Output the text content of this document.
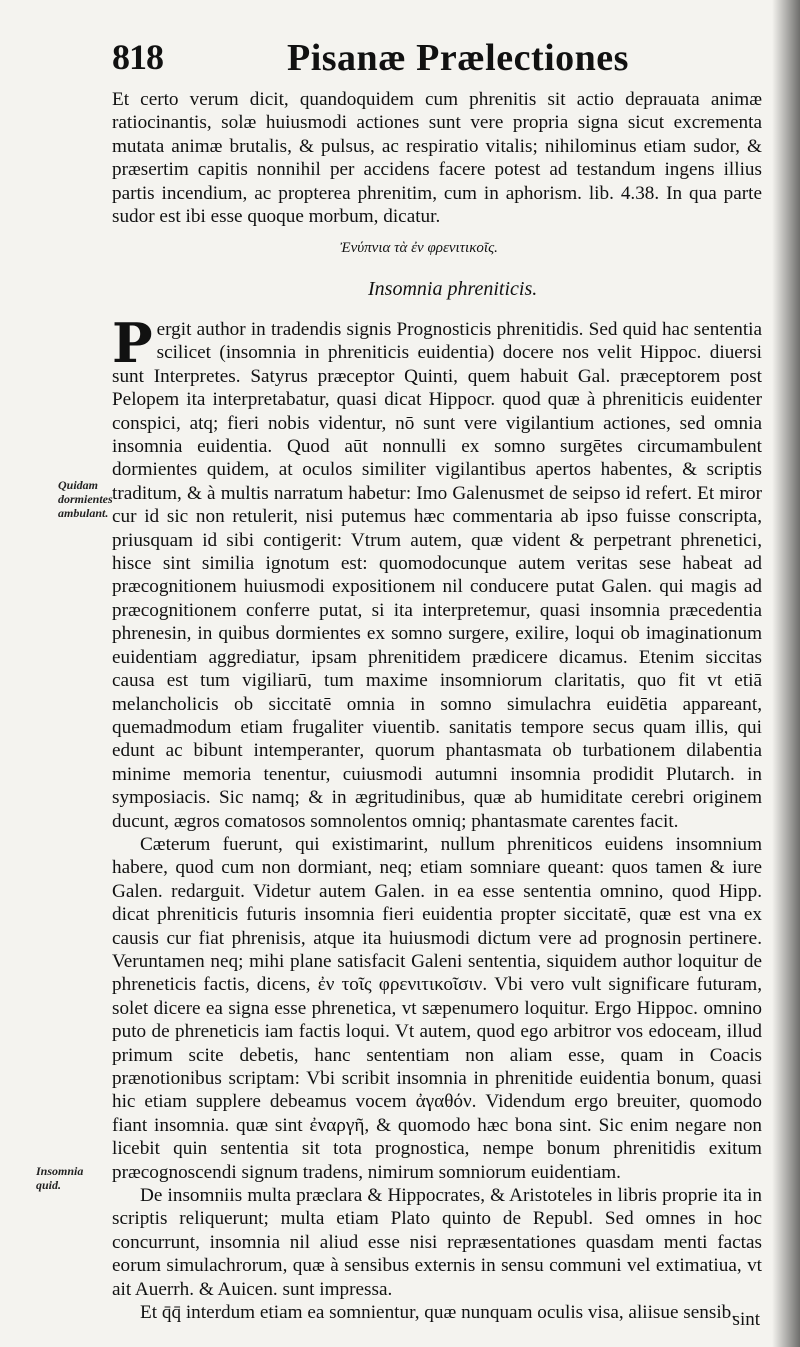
818	Pisanæ Prælectiones

Et certo verum dicit, quandoquidem cum phrenitis sit actio deprauata animæ ratiocinantis, solæ huiusmodi actiones sunt vere propria signa sicut excrementa mutata animæ brutalis, & pulsus, ac respiratio vitalis; nihilominus etiam sudor, & præsertim capitis nonnihil per accidens facere potest ad testandum ingens illius partis incendium, ac propterea phrenitim, cum in aphorism. lib. 4.38. In qua parte sudor est ibi esse quoque morbum, dicatur.

Ἐνύπνια τὰ ἐν φρενιτικοῖς.
Insomnia phreniticis.

Pergit author in tradendis signis Prognosticis phrenitidis. Sed quid hac sententia scilicet (insomnia in phreniticis euidentia) docere nos velit Hippoc. diuersi sunt Interpretes. Satyrus præceptor Quinti, quem habuit Gal. præceptorem post Pelopem ita interpretabatur, quasi dicat Hippocr. quod quæ à phreniticis euidenter conspici, atq; fieri nobis videntur, nō sunt vere vigilantium actiones, sed omnia insomnia euidentia. Quod aūt nonnulli ex somno surgētes circumambulent dormientes quidem, at oculos similiter vigilantibus apertos habentes, & scriptis traditum, & à multis narratum habetur: Imo Galenusmet de seipso id refert. Et miror cur id sic non retulerit, nisi putemus hæc commentaria ab ipso fuisse conscripta, priusquam id sibi contigerit: Vtrum autem, quæ vident & perpetrant phrenetici, hisce sint similia ignotum est: quomodocunque autem veritas sese habeat ad præcognitionem huiusmodi expositionem nil conducere putat Galen. qui magis ad præcognitionem conferre putat, si ita interpretemur, quasi insomnia præcedentia phrenesin, in quibus dormientes ex somno surgere, exilire, loqui ob imaginationum euidentiam aggrediatur, ipsam phrenitidem prædicere dicamus. Etenim siccitas causa est tum vigiliarū, tum maxime insomniorum claritatis, quo fit vt etiā melancholicis ob siccitatē omnia in somno simulachra euidētia appareant, quemadmodum etiam frugaliter viuentib. sanitatis tempore secus quam illis, qui edunt ac bibunt intemperanter, quorum phantasmata ob turbationem dilabentia minime memoria tenentur, cuiusmodi autumni insomnia prodidit Plutarch. in symposiacis. Sic namq; & in ægritudinibus, quæ ab humiditate cerebri originem ducunt, ægros comatosos somnolentos omniq; phantasmate carentes facit.

Cæterum fuerunt, qui existimarint, nullum phreniticos euidens insomnium habere, quod cum non dormiant, neq; etiam somniare queant: quos tamen & iure Galen. redarguit. Videtur autem Galen. in ea esse sententia omnino, quod Hipp. dicat phreniticis futuris insomnia fieri euidentia propter siccitatē, quæ est vna ex causis cur fiat phrenisis, atque ita huiusmodi dictum vere ad prognosin pertinere. Veruntamen neq; mihi plane satisfacit Galeni sententia, siquidem author loquitur de phreneticis factis, dicens, ἐν τοῖς φρενιτικοῖσιν. Vbi vero vult significare futuram, solet dicere ea signa esse phrenetica, vt sæpenumero loquitur. Ergo Hippoc. omnino puto de phreneticis iam factis loqui. Vt autem, quod ego arbitror vos edoceam, illud primum scite debetis, hanc sententiam non aliam esse, quam in Coacis prænotionibus scriptam: Vbi scribit insomnia in phrenitide euidentia bonum, quasi hic etiam supplere debeamus vocem ἀγαθόν. Videndum ergo breuiter, quomodo fiant insomnia. quæ sint ἐναργῆ, & quomodo hæc bona sint. Sic enim negare non licebit quin sententia sit tota prognostica, nempe bonum phrenitidis exitum præcognoscendi signum tradens, nimirum somniorum euidentiam.

De insomniis multa præclara & Hippocrates, & Aristoteles in libris proprie ita in scriptis reliquerunt; multa etiam Plato quinto de Republ. Sed omnes in hoc concurrunt, insomnia nil aliud esse nisi repræsentationes quasdam menti factas eorum simulachrorum, quæ à sensibus externis in sensu communi vel extimatiua, vt ait Auerrh. & Auicen. sunt impressa.

Et q̄q̄ interdum etiam ea somnientur, quæ nunquam oculis visa, aliisue sensib.

Quidam dormientes ambulant.
Insomnia quid.
sint
